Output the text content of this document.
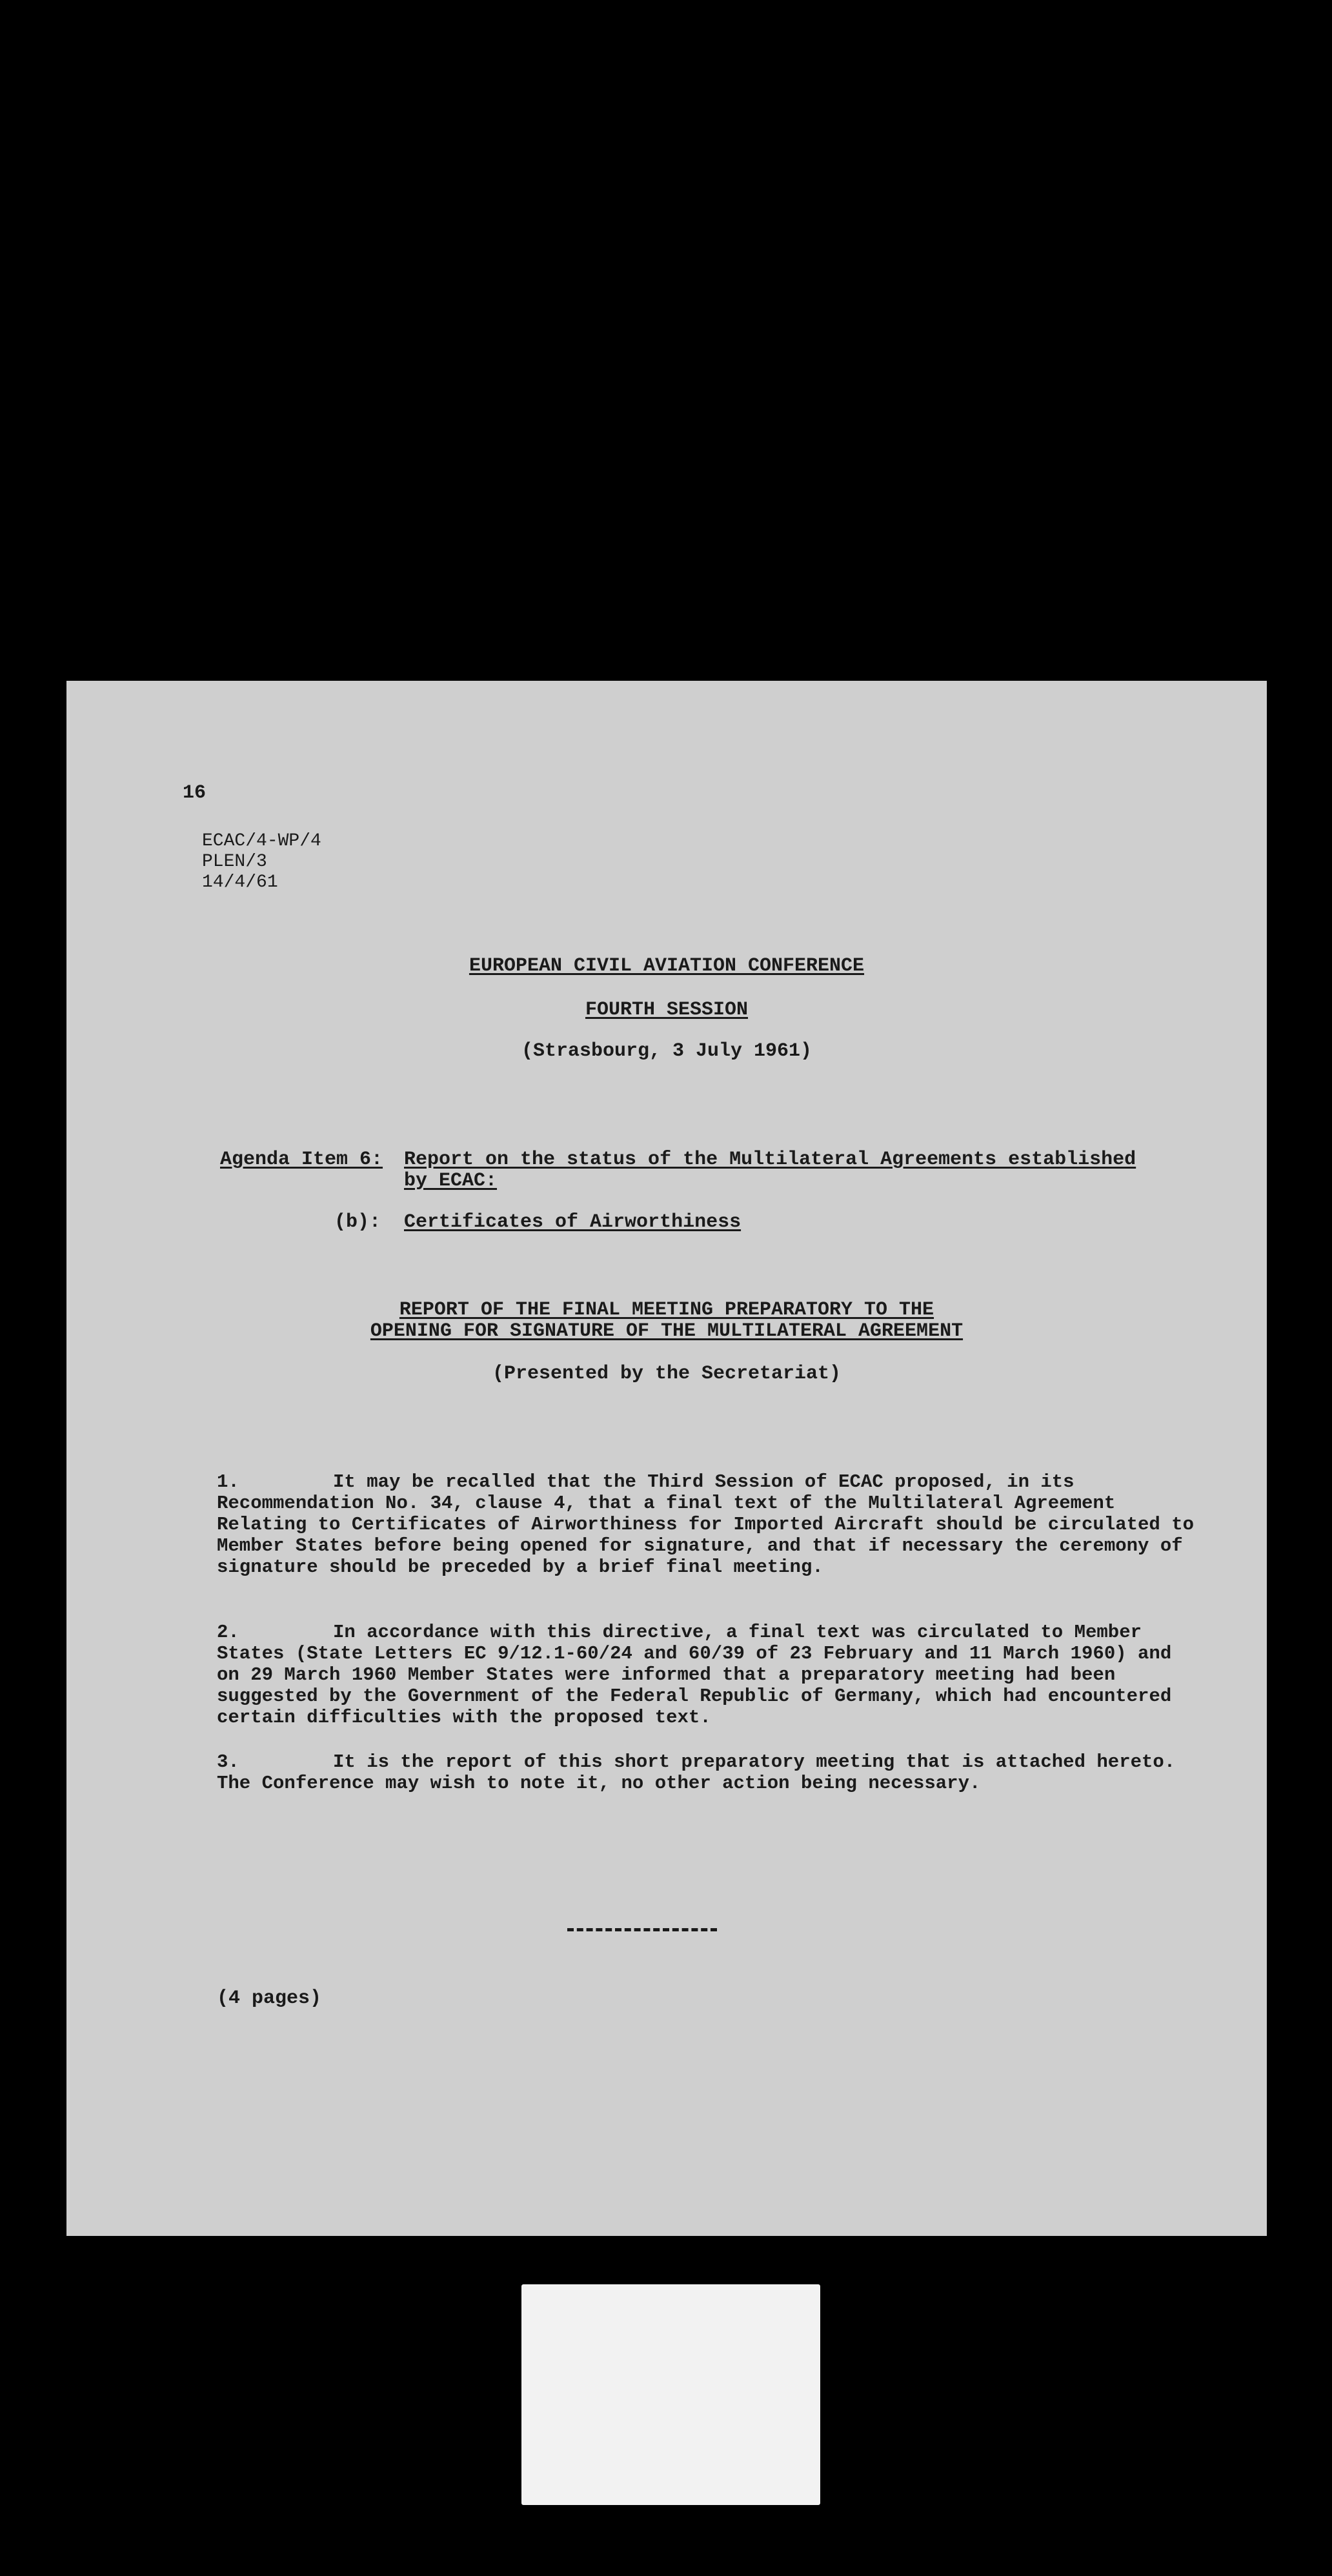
16
ECAC/4-WP/4
PLEN/3
14/4/61
EUROPEAN CIVIL AVIATION CONFERENCE
FOURTH SESSION
(Strasbourg, 3 July 1961)
Agenda Item 6: Report on the status of the Multilateral Agreements established
by ECAC:
(b): Certificates of Airworthiness
REPORT OF THE FINAL MEETING PREPARATORY TO THE
OPENING FOR SIGNATURE OF THE MULTILATERAL AGREEMENT
(Presented by the Secretariat)
1.	It may be recalled that the Third Session of ECAC proposed, in its Recommendation No. 34, clause 4, that a final text of the Multilateral Agreement Relating to Certificates of Airworthiness for Imported Aircraft should be circulated to Member States before being opened for signature, and that if necessary the ceremony of signature should be preceded by a brief final meeting.
2.	In accordance with this directive, a final text was circulated to Member States (State Letters EC 9/12.1-60/24 and 60/39 of 23 February and 11 March 1960) and on 29 March 1960 Member States were informed that a preparatory meeting had been suggested by the Government of the Federal Republic of Germany, which had encountered certain difficulties with the proposed text.
3.	It is the report of this short preparatory meeting that is attached hereto. The Conference may wish to note it, no other action being necessary.
(4 pages)
